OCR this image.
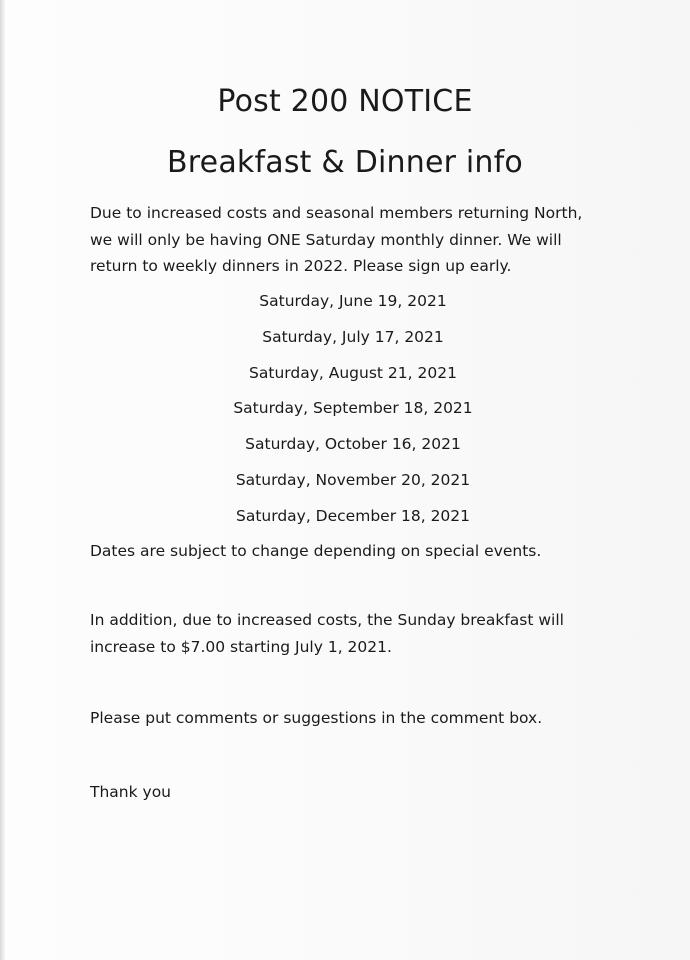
Post 200 NOTICE
Breakfast & Dinner info
Due to increased costs and seasonal members returning North,
we will only be having ONE Saturday monthly dinner. We will
return to weekly dinners in 2022. Please sign up early.
Saturday, June 19, 2021
Saturday, July 17, 2021
Saturday, August 21, 2021
Saturday, September 18, 2021
Saturday, October 16, 2021
Saturday, November 20, 2021
Saturday, December 18, 2021
Dates are subject to change depending on special events.
In addition, due to increased costs, the Sunday breakfast will
increase to $7.00 starting July 1, 2021.
Please put comments or suggestions in the comment box.
Thank you
